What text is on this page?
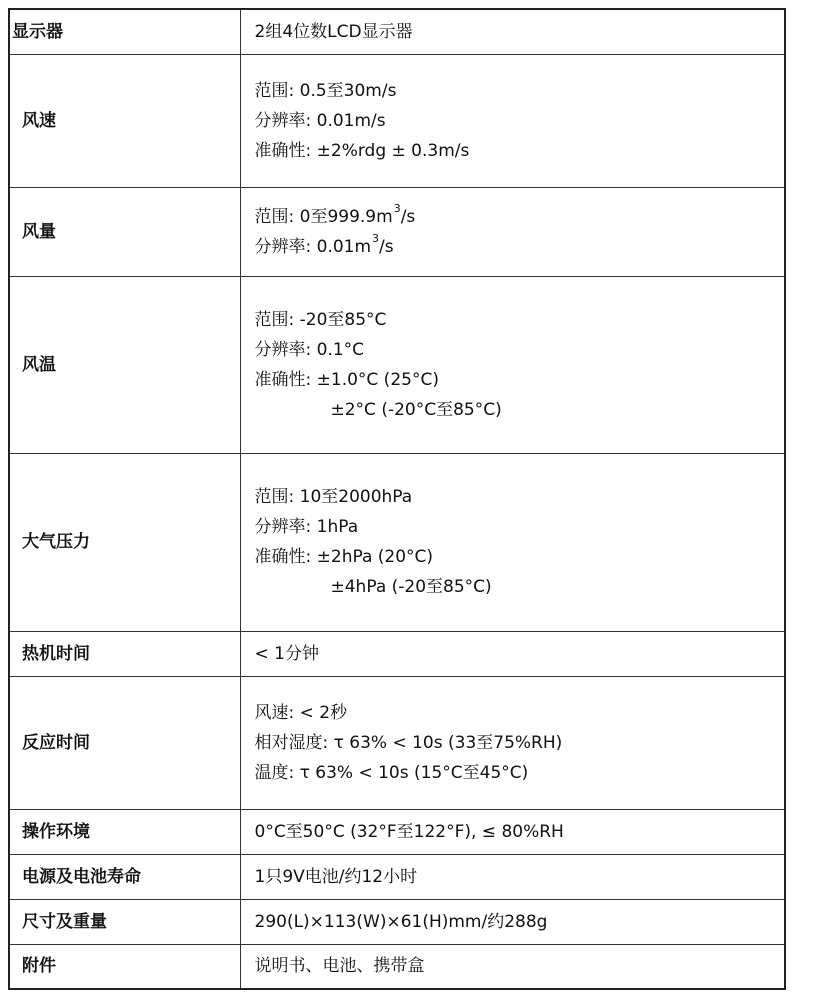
显示器	2组4位数LCD显示器

风速	范围: 0.5至30m/s
分辨率: 0.01m/s
准确性: ±2%rdg ± 0.3m/s

风量	范围: 0至$999.9m^3/s$
分辨率: $0.01m^3/s$

风温	范围: -20至85°C
分辨率: 0.1°C
准确性: ±1.0°C (25°C)
±2°C (-20°C至85°C)

大气压力	范围: 10至2000hPa
分辨率: 1hPa
准确性: ±2hPa (20°C)
±4hPa (-20至85°C)

热机时间	< 1分钟

反应时间	风速: < 2秒
相对湿度: τ 63% < 10s (33至75%RH)
温度: τ 63% < 10s (15°C至45°C)

操作环境	0°C至50°C (32°F至122°F), ≤ 80%RH

电源及电池寿命	1只9V电池/约12小时

尺寸及重量	290(L)×113(W)×61(H)mm/约288g

附件	说明书、电池、携带盒
